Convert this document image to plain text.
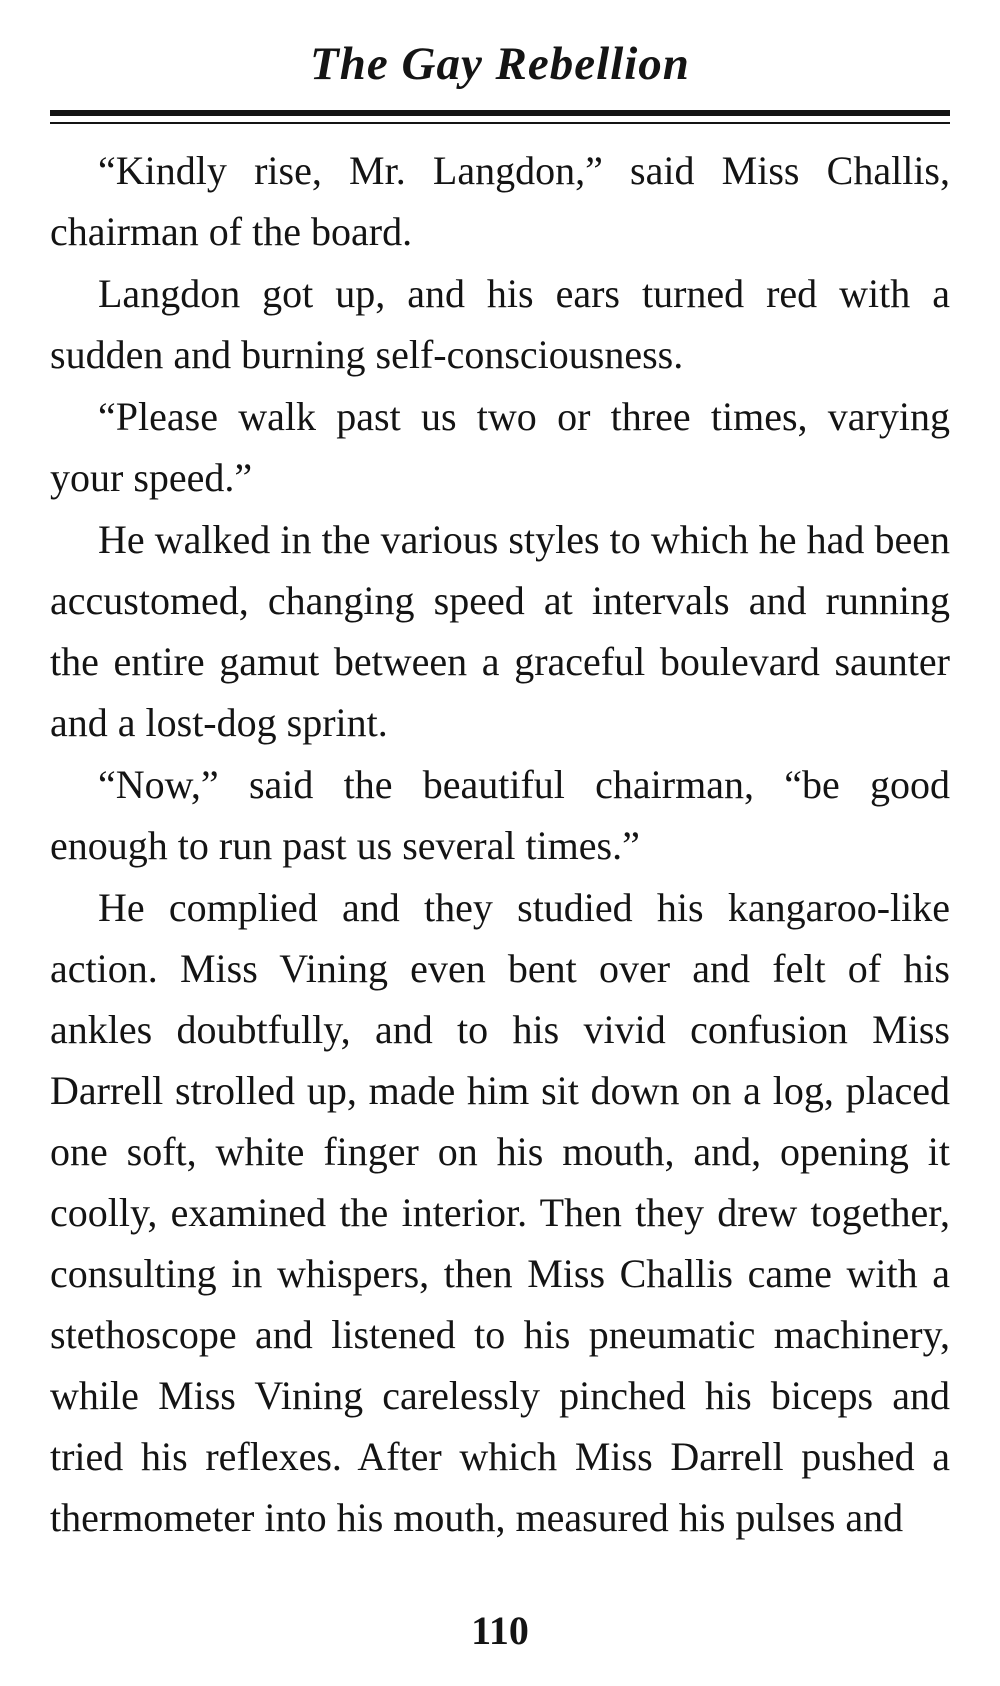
The Gay Rebellion

“Kindly rise, Mr. Langdon,” said Miss Challis, chairman of the board.

Langdon got up, and his ears turned red with a sudden and burning self-consciousness.

“Please walk past us two or three times, varying your speed.”

He walked in the various styles to which he had been accustomed, changing speed at intervals and running the entire gamut between a graceful boulevard saunter and a lost-dog sprint.

“Now,” said the beautiful chairman, “be good enough to run past us several times.”

He complied and they studied his kangaroo-like action. Miss Vining even bent over and felt of his ankles doubtfully, and to his vivid confusion Miss Darrell strolled up, made him sit down on a log, placed one soft, white finger on his mouth, and, opening it coolly, examined the interior. Then they drew together, consulting in whispers, then Miss Challis came with a stethoscope and listened to his pneumatic machinery, while Miss Vining carelessly pinched his biceps and tried his reflexes. After which Miss Darrell pushed a thermometer into his mouth, measured his pulses and

110
